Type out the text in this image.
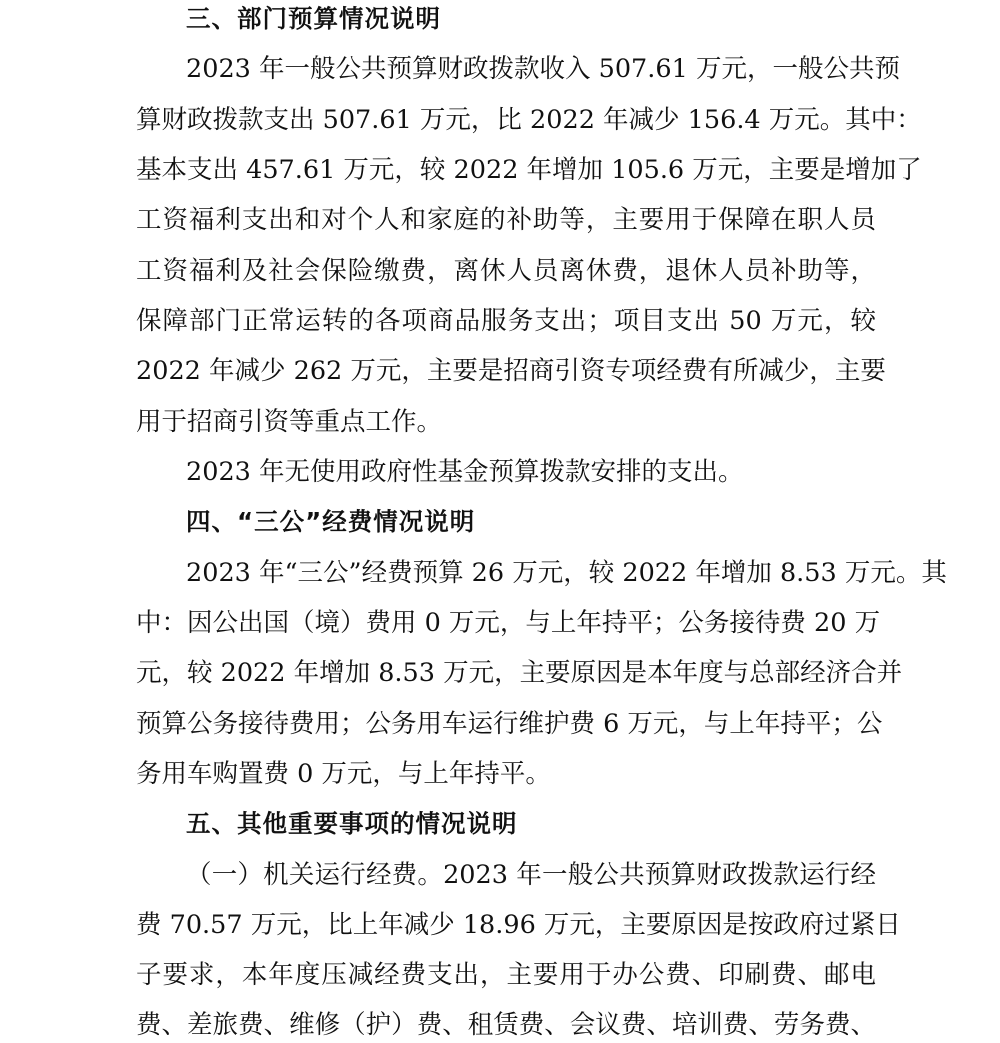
三、部门预算情况说明
2023 年一般公共预算财政拨款收入 507.61 万元，一般公共预
算财政拨款支出 507.61 万元，比 2022 年减少 156.4 万元。其中：
基本支出 457.61 万元，较 2022 年增加 105.6 万元，主要是增加了
工资福利支出和对个人和家庭的补助等，主要用于保障在职人员
工资福利及社会保险缴费，离休人员离休费，退休人员补助等，
保障部门正常运转的各项商品服务支出；项目支出 50 万元，较
2022 年减少 262 万元，主要是招商引资专项经费有所减少，主要
用于招商引资等重点工作。
2023 年无使用政府性基金预算拨款安排的支出。
四、“三公”经费情况说明
2023 年“三公”经费预算 26 万元，较 2022 年增加 8.53 万元。其
中：因公出国（境）费用 0 万元，与上年持平；公务接待费 20 万
元，较 2022 年增加 8.53 万元，主要原因是本年度与总部经济合并
预算公务接待费用；公务用车运行维护费 6 万元，与上年持平；公
务用车购置费 0 万元，与上年持平。
五、其他重要事项的情况说明
（一）机关运行经费。2023 年一般公共预算财政拨款运行经
费 70.57 万元，比上年减少 18.96 万元，主要原因是按政府过紧日
子要求，本年度压减经费支出，主要用于办公费、印刷费、邮电
费、差旅费、维修（护）费、租赁费、会议费、培训费、劳务费、
